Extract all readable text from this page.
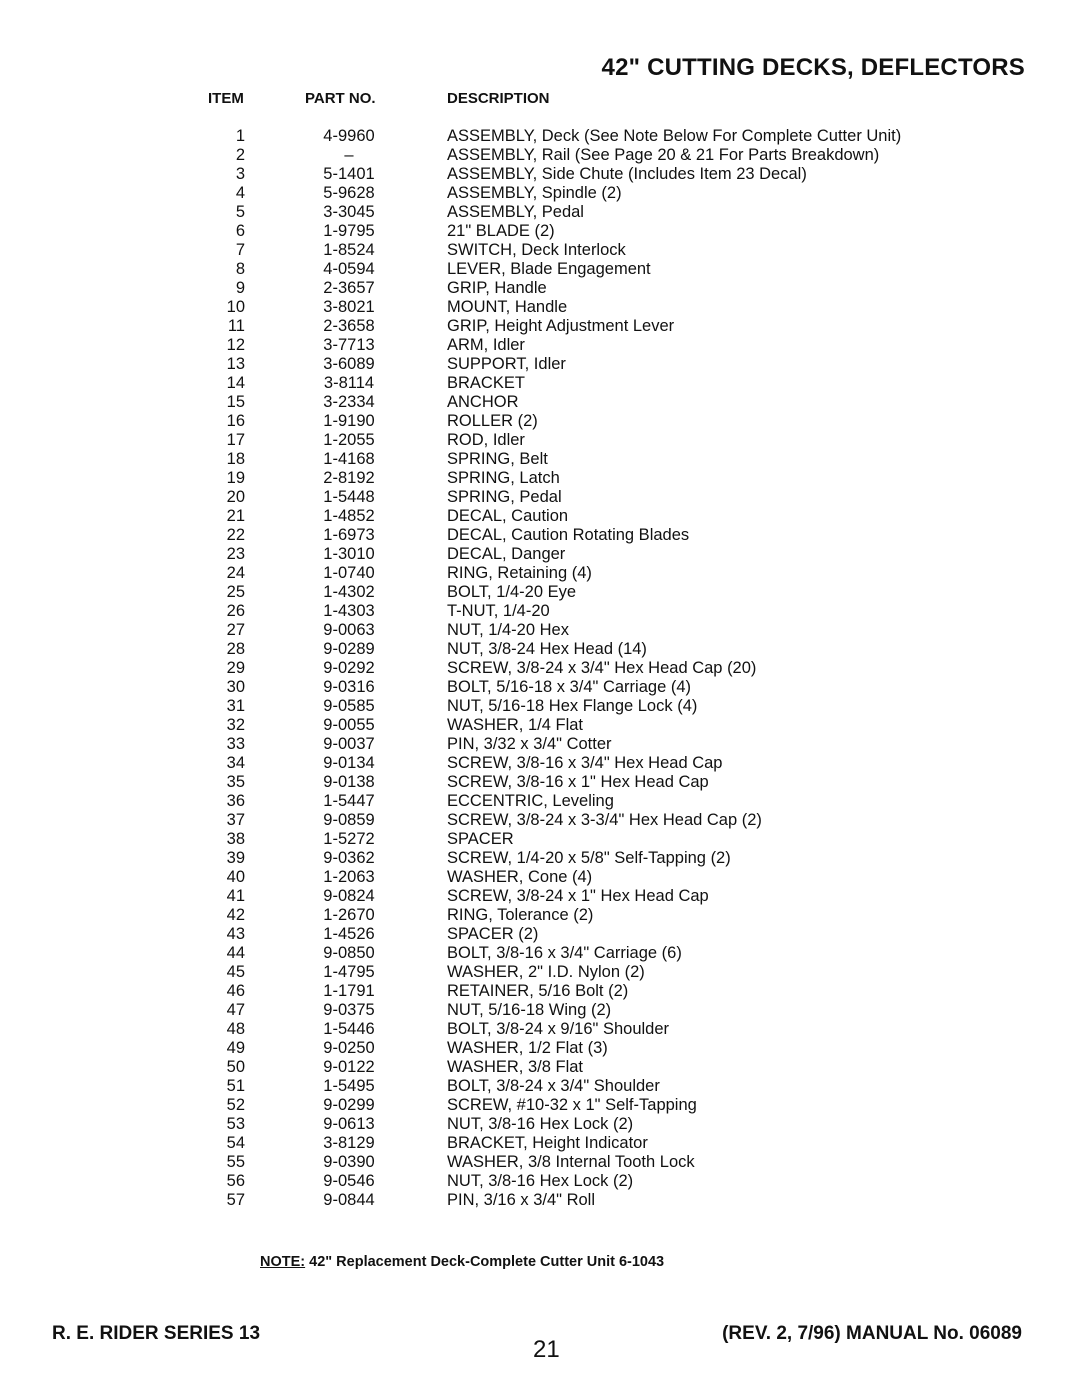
42" CUTTING DECKS, DEFLECTORS
ITEM	PART NO.	DESCRIPTION
1	4-9960	ASSEMBLY, Deck (See Note Below For Complete Cutter Unit)
2	–	ASSEMBLY, Rail (See Page 20 & 21 For Parts Breakdown)
3	5-1401	ASSEMBLY, Side Chute (Includes Item 23 Decal)
4	5-9628	ASSEMBLY, Spindle (2)
5	3-3045	ASSEMBLY, Pedal
6	1-9795	21" BLADE (2)
7	1-8524	SWITCH, Deck Interlock
8	4-0594	LEVER, Blade Engagement
9	2-3657	GRIP, Handle
10	3-8021	MOUNT, Handle
11	2-3658	GRIP, Height Adjustment Lever
12	3-7713	ARM, Idler
13	3-6089	SUPPORT, Idler
14	3-8114	BRACKET
15	3-2334	ANCHOR
16	1-9190	ROLLER (2)
17	1-2055	ROD, Idler
18	1-4168	SPRING, Belt
19	2-8192	SPRING, Latch
20	1-5448	SPRING, Pedal
21	1-4852	DECAL, Caution
22	1-6973	DECAL, Caution Rotating Blades
23	1-3010	DECAL, Danger
24	1-0740	RING, Retaining (4)
25	1-4302	BOLT, 1/4-20 Eye
26	1-4303	T-NUT, 1/4-20
27	9-0063	NUT, 1/4-20 Hex
28	9-0289	NUT, 3/8-24 Hex Head (14)
29	9-0292	SCREW, 3/8-24 x 3/4" Hex Head Cap (20)
30	9-0316	BOLT, 5/16-18 x 3/4" Carriage (4)
31	9-0585	NUT, 5/16-18 Hex Flange Lock (4)
32	9-0055	WASHER, 1/4 Flat
33	9-0037	PIN, 3/32 x 3/4" Cotter
34	9-0134	SCREW, 3/8-16 x 3/4" Hex Head Cap
35	9-0138	SCREW, 3/8-16 x 1" Hex Head Cap
36	1-5447	ECCENTRIC, Leveling
37	9-0859	SCREW, 3/8-24 x 3-3/4" Hex Head Cap (2)
38	1-5272	SPACER
39	9-0362	SCREW, 1/4-20 x 5/8" Self-Tapping (2)
40	1-2063	WASHER, Cone (4)
41	9-0824	SCREW, 3/8-24 x 1" Hex Head Cap
42	1-2670	RING, Tolerance (2)
43	1-4526	SPACER (2)
44	9-0850	BOLT, 3/8-16 x 3/4" Carriage (6)
45	1-4795	WASHER, 2" I.D. Nylon (2)
46	1-1791	RETAINER, 5/16 Bolt (2)
47	9-0375	NUT, 5/16-18 Wing (2)
48	1-5446	BOLT, 3/8-24 x 9/16" Shoulder
49	9-0250	WASHER, 1/2 Flat (3)
50	9-0122	WASHER, 3/8 Flat
51	1-5495	BOLT, 3/8-24 x 3/4" Shoulder
52	9-0299	SCREW, #10-32 x 1" Self-Tapping
53	9-0613	NUT, 3/8-16 Hex Lock (2)
54	3-8129	BRACKET, Height Indicator
55	9-0390	WASHER, 3/8 Internal Tooth Lock
56	9-0546	NUT, 3/8-16 Hex Lock (2)
57	9-0844	PIN, 3/16 x 3/4" Roll
NOTE: 42" Replacement Deck-Complete Cutter Unit 6-1043
R. E. RIDER SERIES 13
21
(REV. 2, 7/96) MANUAL No. 06089
